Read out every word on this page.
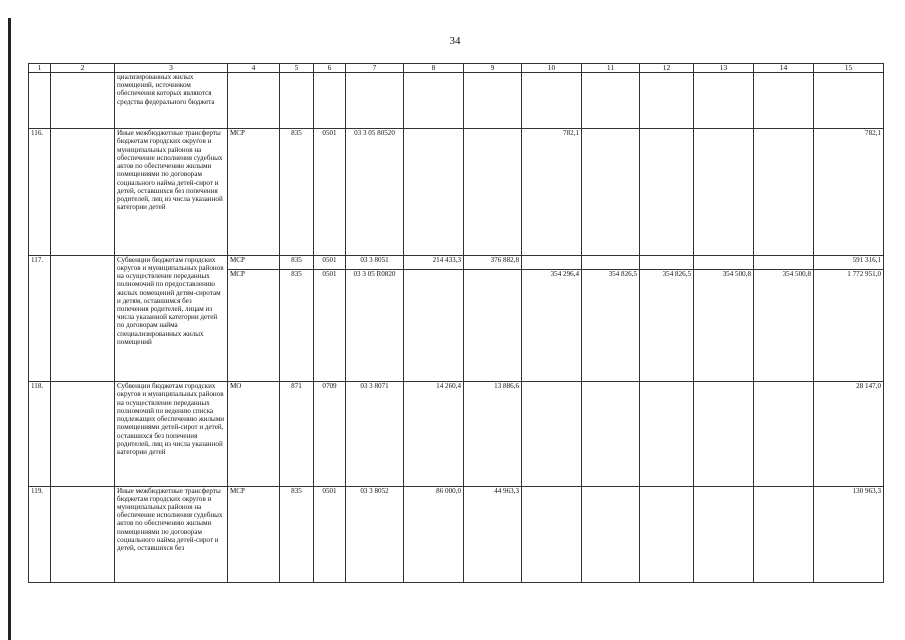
34
1	2	3	4	5	6	7	8	9	10	11	12	13	14	15
		циализированных жилых помещений, источником обеспечения которых являются средства федерального бюджета												
116.		Иные межбюджетные трансферты бюджетам городских округов и муниципальных районов на обеспечение исполнения судебных актов по обеспечению жилыми помещениями по договорам социального найма детей-сирот и детей, оставшихся без попечения родителей, лиц из числа указанной категории детей	МСР	835	0501	03 3 05 80520			782,1					782,1
117.		Субвенции бюджетам городских округов и муниципальных районов на осуществление переданных полномочий по предоставлению жилых помещений детям-сиротам и детям, оставшимся без попечения родителей, лицам из числа указанной категории детей по договорам найма специализированных жилых помещений	МСР	835	0501	03 3 8051	214 433,3	376 882,8						591 316,1
			МСР	835	0501	03 3 05 R0820			354 296,4	354 826,5	354 826,5	354 500,8	354 500,8	1 772 951,0
118.		Субвенции бюджетам городских округов и муниципальных районов на осуществление переданных полномочий по ведению списка подлежащих обеспечению жилыми помещениями детей-сирот и детей, оставшихся без попечения родителей, лиц из числа указанной категории детей	МО	871	0709	03 3 8071	14 260,4	13 886,6						28 147,0
119.		Иные межбюджетные трансферты бюджетам городских округов и муниципальных районов на обеспечение исполнения судебных актов по обеспечению жилыми помещениями по договорам социального найма детей-сирот и детей, оставшихся без	МСР	835	0501	03 3 8052	86 000,0	44 963,3						130 963,3
